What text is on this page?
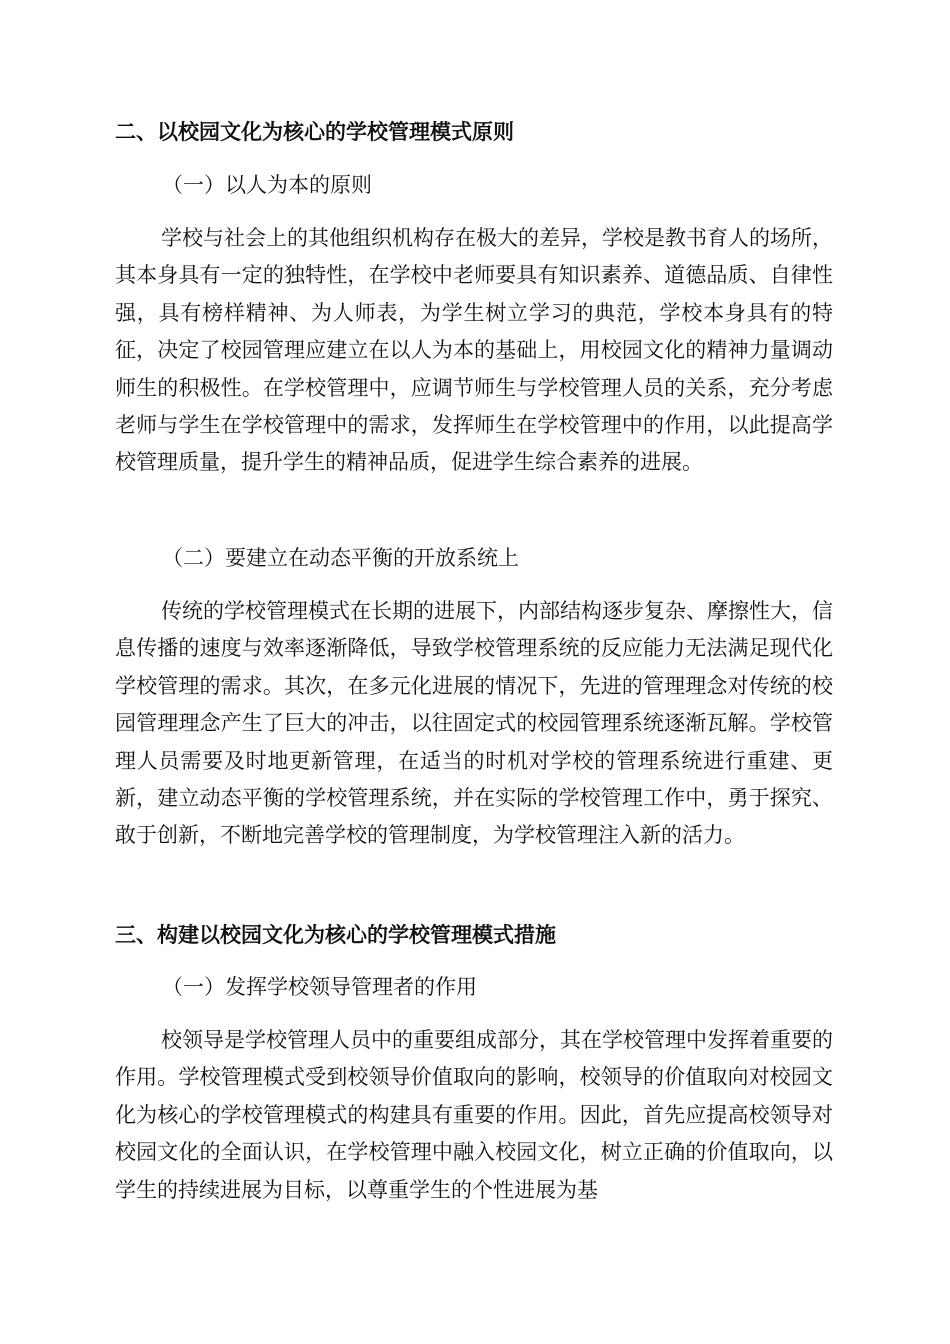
二、以校园文化为核心的学校管理模式原则
（一）以人为本的原则

学校与社会上的其他组织机构存在极大的差异，学校是教书育人的场所，其本身具有一定的独特性，在学校中老师要具有知识素养、道德品质、自律性强，具有榜样精神、为人师表，为学生树立学习的典范，学校本身具有的特征，决定了校园管理应建立在以人为本的基础上，用校园文化的精神力量调动师生的积极性。在学校管理中，应调节师生与学校管理人员的关系，充分考虑老师与学生在学校管理中的需求，发挥师生在学校管理中的作用，以此提高学校管理质量，提升学生的精神品质，促进学生综合素养的进展。

（二）要建立在动态平衡的开放系统上

传统的学校管理模式在长期的进展下，内部结构逐步复杂、摩擦性大，信息传播的速度与效率逐渐降低，导致学校管理系统的反应能力无法满足现代化学校管理的需求。其次，在多元化进展的情况下，先进的管理理念对传统的校园管理理念产生了巨大的冲击，以往固定式的校园管理系统逐渐瓦解。学校管理人员需要及时地更新管理，在适当的时机对学校的管理系统进行重建、更新，建立动态平衡的学校管理系统，并在实际的学校管理工作中，勇于探究、敢于创新，不断地完善学校的管理制度，为学校管理注入新的活力。

三、构建以校园文化为核心的学校管理模式措施
（一）发挥学校领导管理者的作用

校领导是学校管理人员中的重要组成部分，其在学校管理中发挥着重要的作用。学校管理模式受到校领导价值取向的影响，校领导的价值取向对校园文化为核心的学校管理模式的构建具有重要的作用。因此，首先应提高校领导对校园文化的全面认识，在学校管理中融入校园文化，树立正确的价值取向，以学生的持续进展为目标，以尊重学生的个性进展为基
